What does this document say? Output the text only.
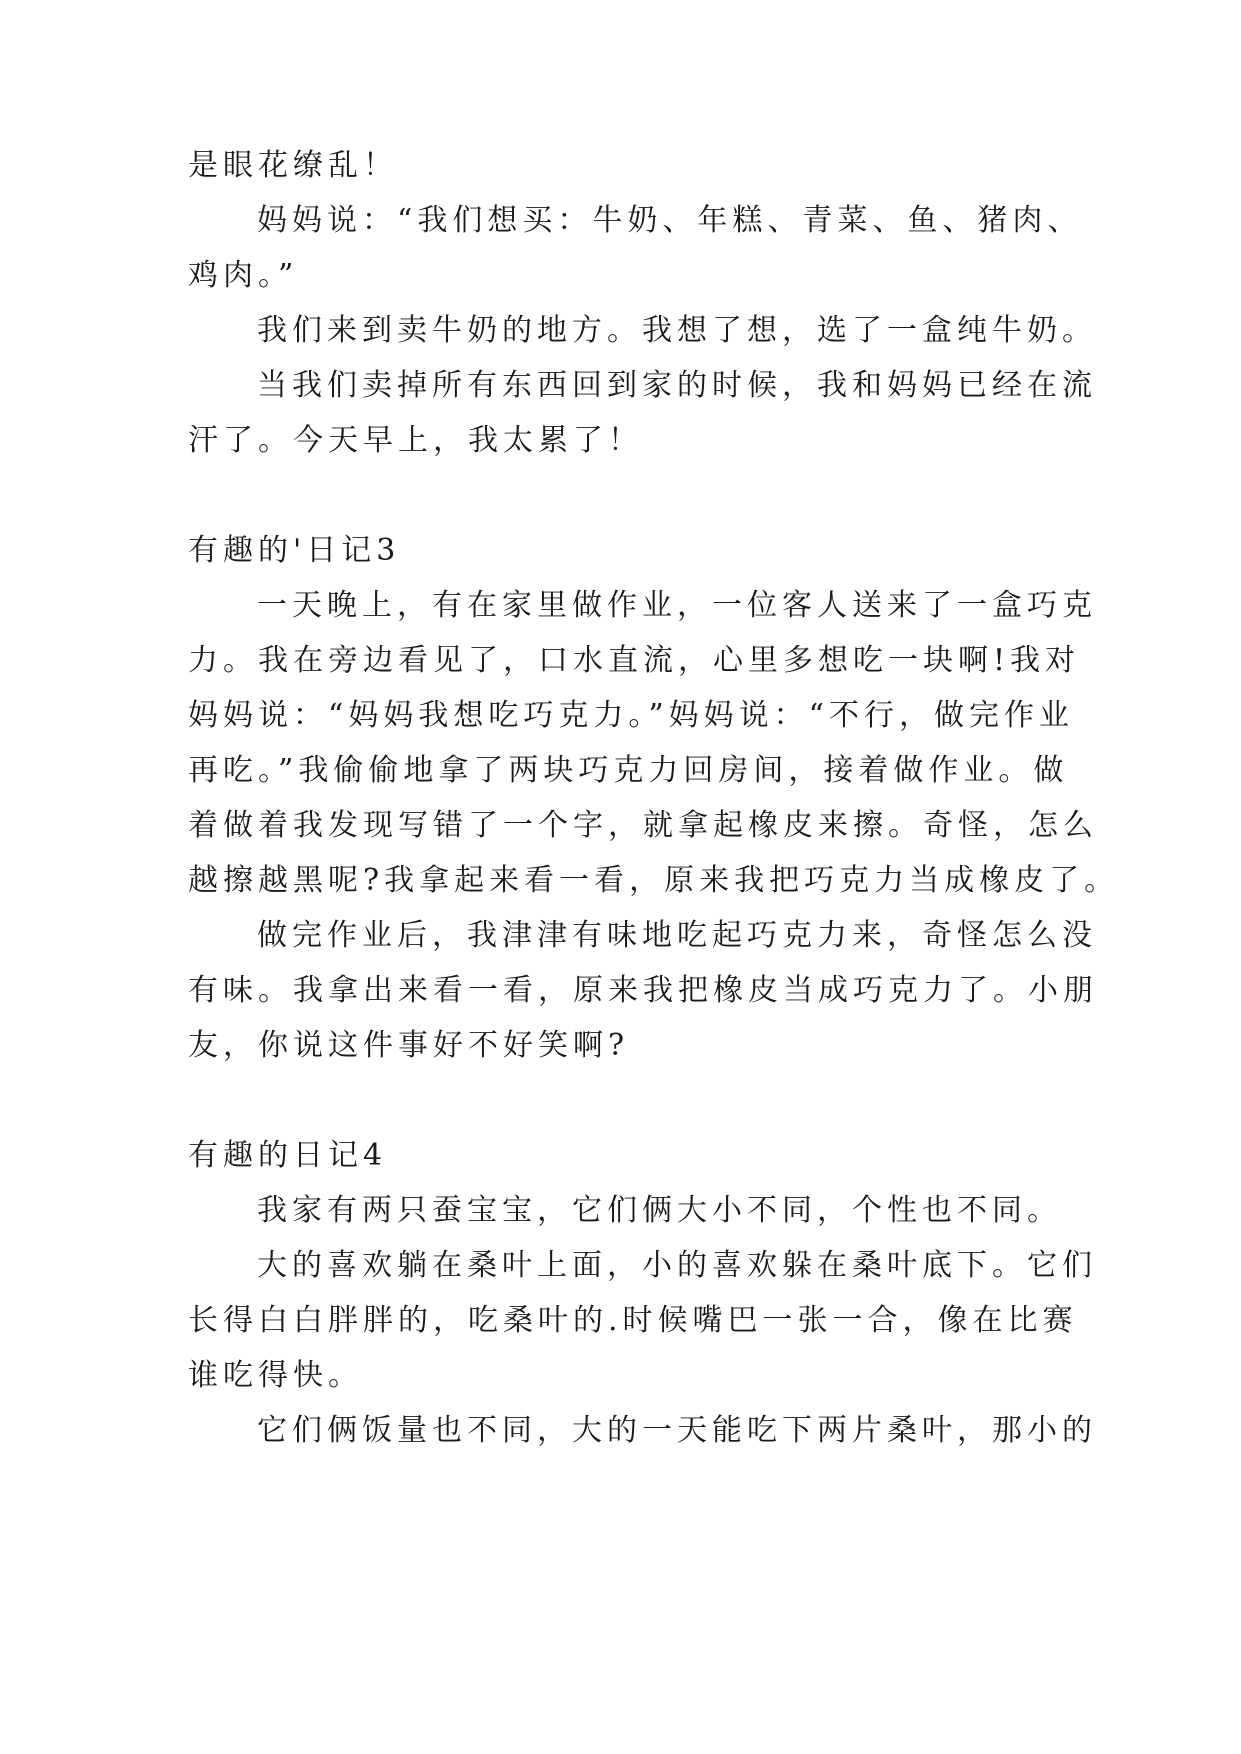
是眼花缭乱！
妈妈说：“我们想买：牛奶、年糕、青菜、鱼、猪肉、
鸡肉。”
我们来到卖牛奶的地方。我想了想，选了一盒纯牛奶。
当我们卖掉所有东西回到家的时候，我和妈妈已经在流
汗了。今天早上，我太累了！
有趣的'日记3
一天晚上，有在家里做作业，一位客人送来了一盒巧克
力。我在旁边看见了，口水直流，心里多想吃一块啊!我对
妈妈说：“妈妈我想吃巧克力。”妈妈说：“不行，做完作业
再吃。”我偷偷地拿了两块巧克力回房间，接着做作业。做
着做着我发现写错了一个字，就拿起橡皮来擦。奇怪，怎么
越擦越黑呢?我拿起来看一看，原来我把巧克力当成橡皮了。
做完作业后，我津津有味地吃起巧克力来，奇怪怎么没
有味。我拿出来看一看，原来我把橡皮当成巧克力了。小朋
友，你说这件事好不好笑啊?
有趣的日记4
我家有两只蚕宝宝，它们俩大小不同，个性也不同。
大的喜欢躺在桑叶上面，小的喜欢躲在桑叶底下。它们
长得白白胖胖的，吃桑叶的.时候嘴巴一张一合，像在比赛
谁吃得快。
它们俩饭量也不同，大的一天能吃下两片桑叶，那小的
